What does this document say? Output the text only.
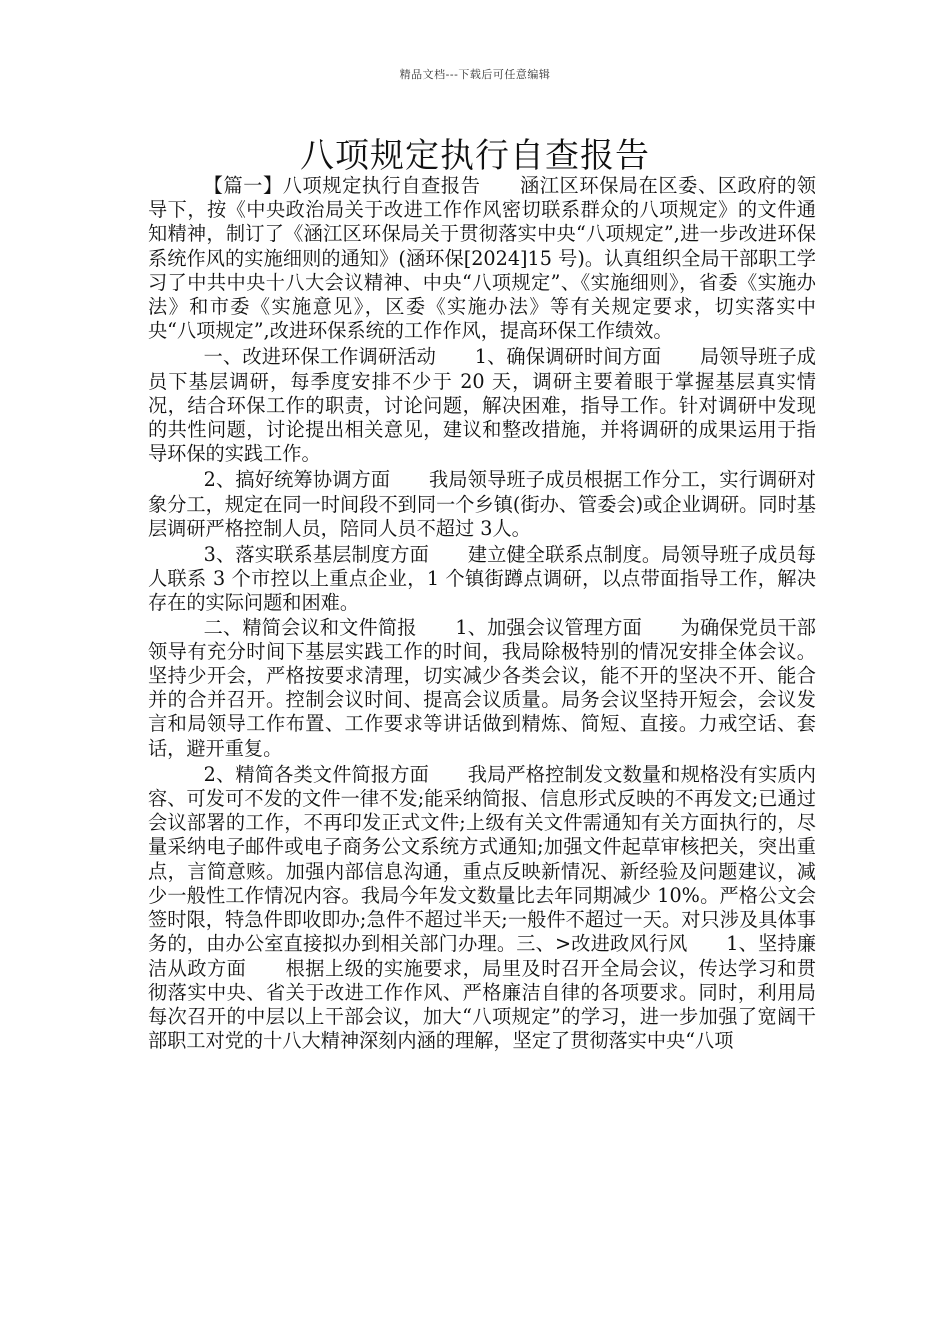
精品文档---下载后可任意编辑
八项规定执行自查报告

【篇一】八项规定执行自查报告　　涵江区环保局在区委、区政府的领导下，按《中央政治局关于改进工作作风密切联系群众的八项规定》的文件通知精神，制订了《涵江区环保局关于贯彻落实中央“八项规定”,进一步改进环保系统作风的实施细则的通知》(涵环保[2024]15 号)。认真组织全局干部职工学习了中共中央十八大会议精神、中央“八项规定”、《实施细则》，省委《实施办法》和市委《实施意见》，区委《实施办法》等有关规定要求，切实落实中央“八项规定”,改进环保系统的工作作风，提高环保工作绩效。

一、改进环保工作调研活动　　1、确保调研时间方面　　局领导班子成员下基层调研，每季度安排不少于 20 天，调研主要着眼于掌握基层真实情况，结合环保工作的职责，讨论问题，解决困难，指导工作。针对调研中发现的共性问题，讨论提出相关意见，建议和整改措施，并将调研的成果运用于指导环保的实践工作。

2、搞好统筹协调方面　　我局领导班子成员根据工作分工，实行调研对象分工，规定在同一时间段不到同一个乡镇(街办、管委会)或企业调研。同时基层调研严格控制人员，陪同人员不超过 3人。

3、落实联系基层制度方面　　建立健全联系点制度。局领导班子成员每人联系 3 个市控以上重点企业，1 个镇街蹲点调研，以点带面指导工作，解决存在的实际问题和困难。

二、精简会议和文件简报　　1、加强会议管理方面　　为确保党员干部领导有充分时间下基层实践工作的时间，我局除极特别的情况安排全体会议。坚持少开会，严格按要求清理，切实减少各类会议，能不开的坚决不开、能合并的合并召开。控制会议时间、提高会议质量。局务会议坚持开短会，会议发言和局领导工作布置、工作要求等讲话做到精炼、简短、直接。力戒空话、套话，避开重复。

2、精简各类文件简报方面　　我局严格控制发文数量和规格没有实质内容、可发可不发的文件一律不发;能采纳简报、信息形式反映的不再发文;已通过会议部署的工作，不再印发正式文件;上级有关文件需通知有关方面执行的，尽量采纳电子邮件或电子商务公文系统方式通知;加强文件起草审核把关，突出重点，言简意赅。加强内部信息沟通，重点反映新情况、新经验及问题建议，减少一般性工作情况内容。我局今年发文数量比去年同期减少 10%。严格公文会签时限，特急件即收即办;急件不超过半天;一般件不超过一天。对只涉及具体事务的，由办公室直接拟办到相关部门办理。三、>改进政风行风　　1、坚持廉洁从政方面　　根据上级的实施要求，局里及时召开全局会议，传达学习和贯彻落实中央、省关于改进工作作风、严格廉洁自律的各项要求。同时，利用局每次召开的中层以上干部会议，加大“八项规定”的学习，进一步加强了宽阔干部职工对党的十八大精神深刻内涵的理解，坚定了贯彻落实中央“八项
